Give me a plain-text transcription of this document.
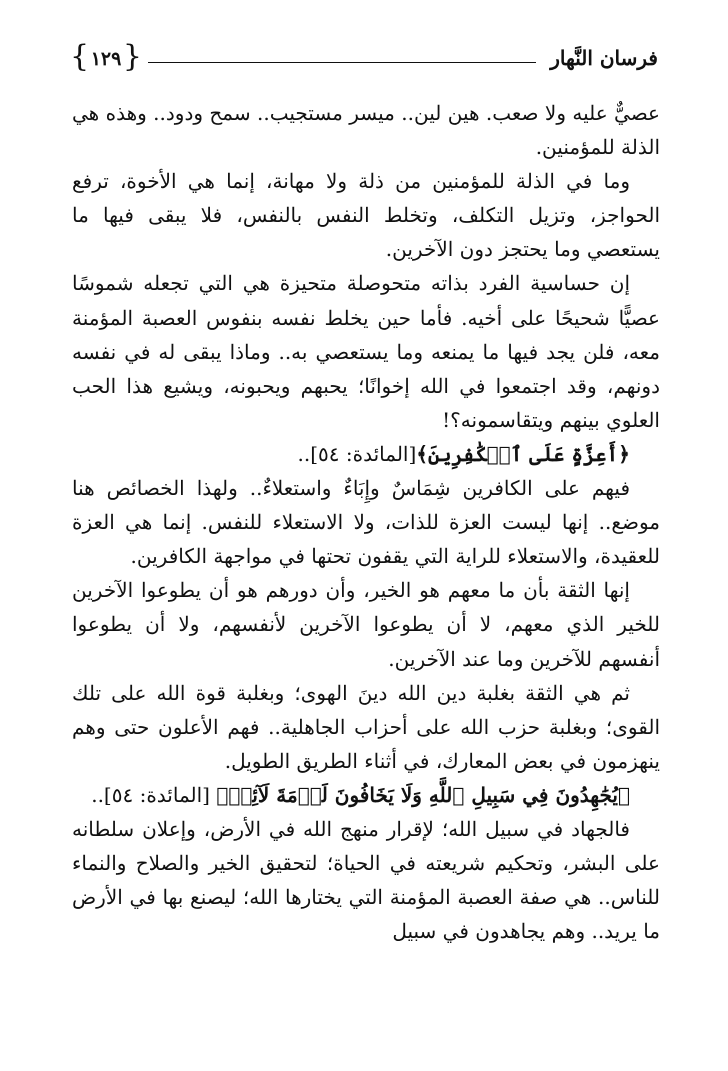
فرسان النَّهار
{ ١٢٩ }

عصيٌّ عليه ولا صعب. هين لين.. ميسر مستجيب.. سمح ودود.. وهذه هي الذلة للمؤمنين.

وما في الذلة للمؤمنين من ذلة ولا مهانة، إنما هي الأخوة، ترفع الحواجز، وتزيل التكلف، وتخلط النفس بالنفس، فلا يبقى فيها ما يستعصي وما يحتجز دون الآخرين.

إن حساسية الفرد بذاته متحوصلة متحيزة هي التي تجعله شموسًا عصيًّا شحيحًا على أخيه. فأما حين يخلط نفسه بنفوس العصبة المؤمنة معه، فلن يجد فيها ما يمنعه وما يستعصي به.. وماذا يبقى له في نفسه دونهم، وقد اجتمعوا في الله إخوانًا؛ يحبهم ويحبونه، ويشيع هذا الحب العلوي بينهم ويتقاسمونه؟!

﴿أَعِزَّةٍ عَلَى ٱلۡكَٰفِرِينَ﴾[المائدة: ٥٤]..

فيهم على الكافرين شِمَاسٌ وإِبَاءٌ واستعلاءٌ.. ولهذا الخصائص هنا موضع.. إنها ليست العزة للذات، ولا الاستعلاء للنفس. إنما هي العزة للعقيدة، والاستعلاء للراية التي يقفون تحتها في مواجهة الكافرين.

إنها الثقة بأن ما معهم هو الخير، وأن دورهم هو أن يطوعوا الآخرين للخير الذي معهم، لا أن يطوعوا الآخرين لأنفسهم، ولا أن يطوعوا أنفسهم للآخرين وما عند الآخرين.

ثم هي الثقة بغلبة دين الله دينَ الهوى؛ وبغلبة قوة الله على تلك القوى؛ وبغلبة حزب الله على أحزاب الجاهلية.. فهم الأعلون حتى وهم ينهزمون في بعض المعارك، في أثناء الطريق الطويل.

﴿يُجَٰهِدُونَ فِي سَبِيلِ ٱللَّهِ وَلَا يَخَافُونَ لَوۡمَةَ لَآئِمٖ﴾ [المائدة: ٥٤]..

فالجهاد في سبيل الله؛ لإقرار منهج الله في الأرض، وإعلان سلطانه على البشر، وتحكيم شريعته في الحياة؛ لتحقيق الخير والصلاح والنماء للناس.. هي صفة العصبة المؤمنة التي يختارها الله؛ ليصنع بها في الأرض ما يريد.. وهم يجاهدون في سبيل
